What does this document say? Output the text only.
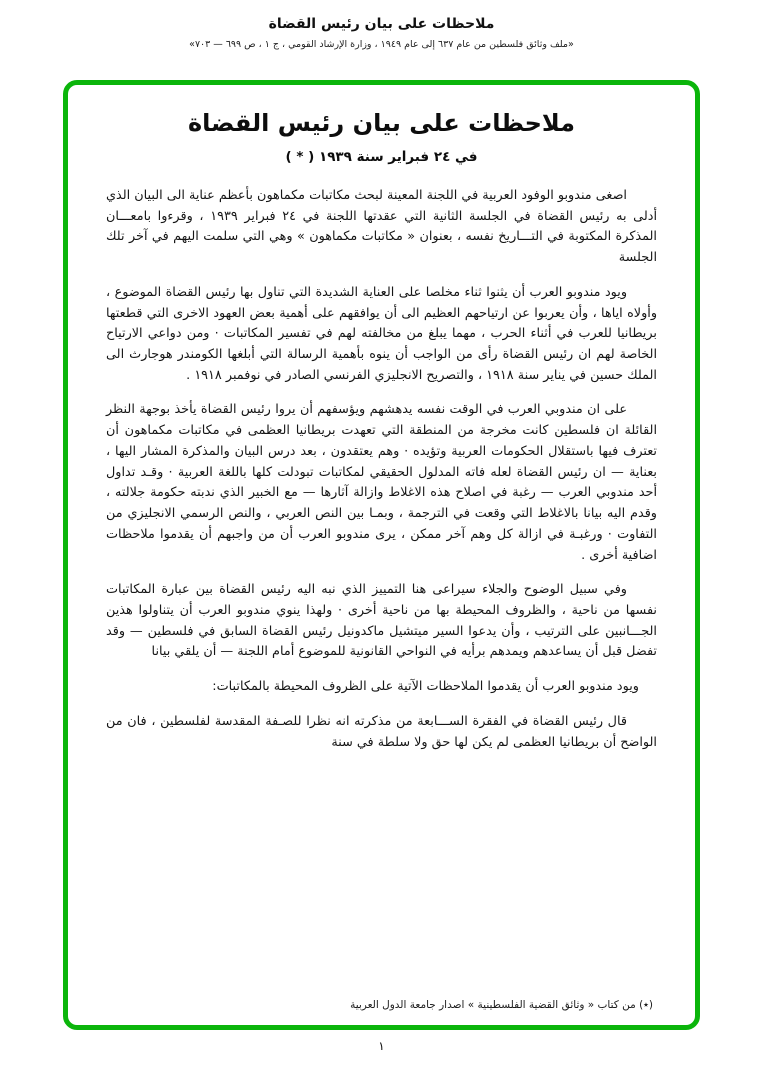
ملاحظات على بيان رئيس القضاة
«ملف وثائق فلسطين من عام ٦٣٧ إلى عام ١٩٤٩ ، وزارة الإرشاد القومي ، ج ١ ، ص ٦٩٩ — ٧٠٣»
ملاحظات على بيان رئيس القضاة
في ٢٤ فبراير سنة ١٩٣٩ ( * )

اصغى مندوبو الوفود العربية في اللجنة المعينة لبحث مكاتبات مكماهون بأعظم عناية الى البيان الذي أدلى به رئيس القضاة في الجلسة الثانية التي عقدتها اللجنة في ٢٤ فبراير ١٩٣٩ ، وقرءوا بامعـــان المذكرة المكتوبة في التـــاريخ نفسه ، بعنوان « مكاتبات مكماهون » وهي التي سلمت اليهم في آخر تلك الجلسة

ويود مندوبو العرب أن يثنوا ثناء مخلصا على العناية الشديدة التي تناول بها رئيس القضاة الموضوع ، وأولاه اياها ، وأن يعربوا عن ارتياحهم العظيم الى أن يوافقهم على أهمية بعض العهود الاخرى التي قطعتها بريطانيا للعرب في أثناء الحرب ، مهما يبلغ من مخالفته لهم في تفسير المكاتبات · ومن دواعي الارتياح الخاصة لهم ان رئيس القضاة رأى من الواجب أن ينوه بأهمية الرسالة التي أبلغها الكومندر هوجارث الى الملك حسين في يناير سنة ١٩١٨ ، والتصريح الانجليزي الفرنسي الصادر في نوفمبر ١٩١٨ .

على ان مندوبي العرب في الوقت نفسه يدهشهم ويؤسفهم أن يروا رئيس القضاة يأخذ بوجهة النظر القائلة ان فلسطين كانت مخرجة من المنطقة التي تعهدت بريطانيا العظمى في مكاتبات مكماهون أن تعترف فيها باستقلال الحكومات العربية وتؤيده · وهم يعتقدون ، بعد درس البيان والمذكرة المشار اليها ، بعناية — ان رئيس القضاة لعله فاته المدلول الحقيقي لمكاتبات تبودلت كلها باللغة العربية · وقـد تداول أحد مندوبي العرب — رغبة في اصلاح هذه الاغلاط وازالة آثارها — مع الخبير الذي ندبته حكومة جلالته ، وقدم اليه بيانا بالاغلاط التي وقعت في الترجمة ، وبمـا بين النص العربي ، والنص الرسمي الانجليزي من التفاوت · ورغبـة في ازالة كل وهم آخر ممكن ، يرى مندوبو العرب أن من واجبهم أن يقدموا ملاحظات اضافية أخرى .

وفي سبيل الوضوح والجلاء سيراعى هنا التمييز الذي نبه اليه رئيس القضاة بين عبارة المكاتبات نفسها من ناحية ، والظروف المحيطة بها من ناحية أخرى · ولهذا ينوي مندوبو العرب أن يتناولوا هذين الجـــانبين على الترتيب ، وأن يدعوا السير ميتشيل ماكدونيل رئيس القضاة السابق في فلسطين — وقد تفضل قبل أن يساعدهم ويمدهم برأيه في النواحي القانونية للموضوع أمام اللجنة — أن يلقي بيانا

ويود مندوبو العرب أن يقدموا الملاحظات الآتية على الظروف المحيطة بالمكاتبات:

قال رئيس القضاة في الفقرة الســـابعة من مذكرته انه نظرا للصـفة المقدسة لفلسطين ، فان من الواضح أن بريطانيا العظمى لم يكن لها حق ولا سلطة في سنة

(٭) من كتاب « وثائق القضية الفلسطينية » اصدار جامعة الدول العربية
١
